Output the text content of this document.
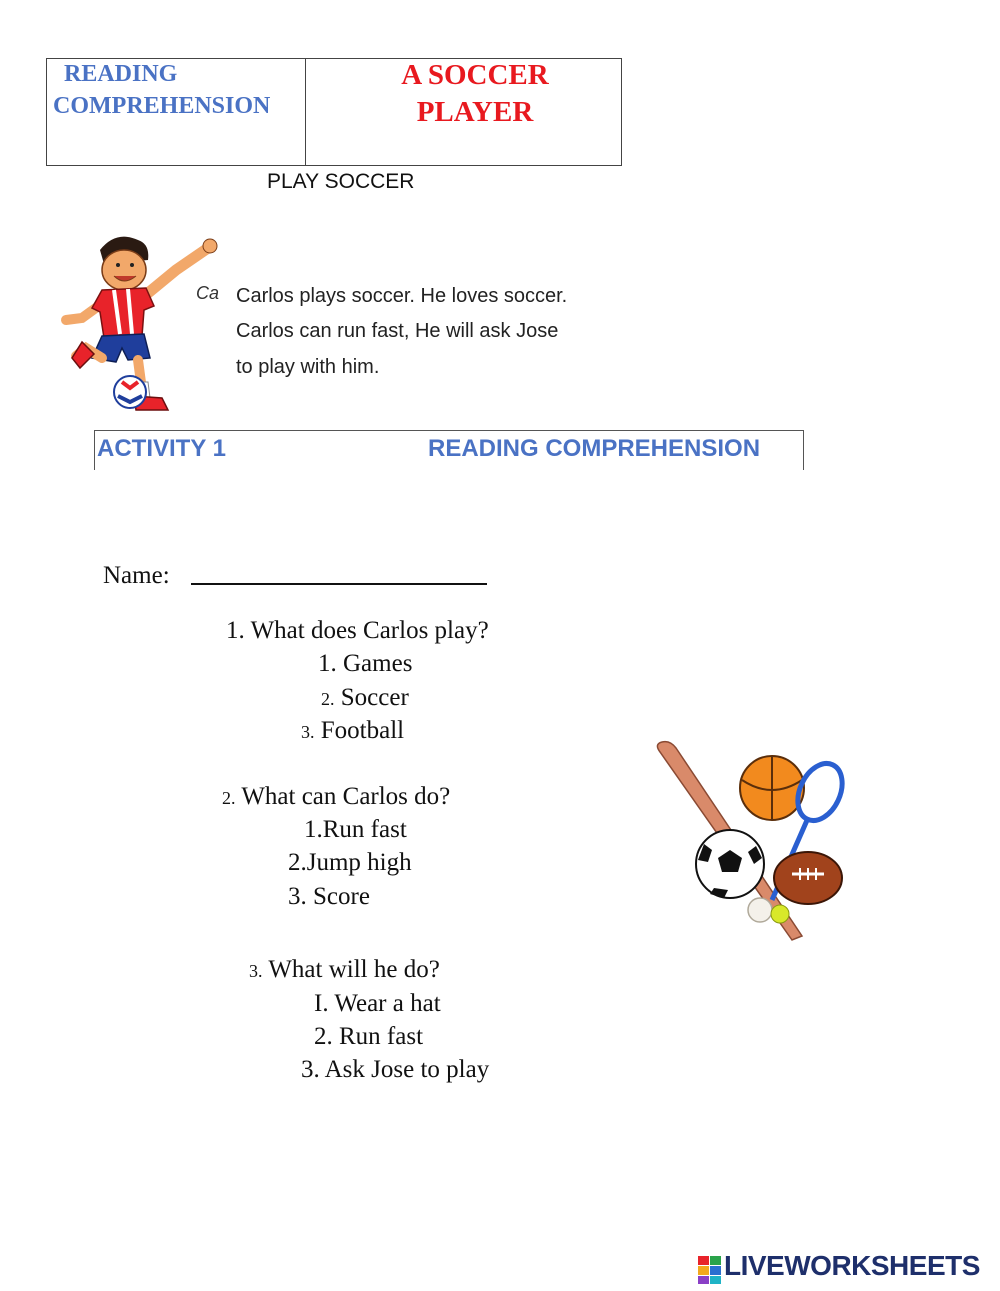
READING
COMPREHENSION
A SOCCER
PLAYER
PLAY SOCCER
Ca Carlos plays soccer. He loves soccer.
Carlos can run fast, He will ask Jose
to play with him.
ACTIVITY 1	READING COMPREHENSION
Name:
1. What does Carlos play?
1. Games
2. Soccer
3. Football
2. What can Carlos do?
1.Run fast
2.Jump high
3. Score
3. What will he do?
I. Wear a hat
2. Run fast
3. Ask Jose to play
LIVEWORKSHEETS
